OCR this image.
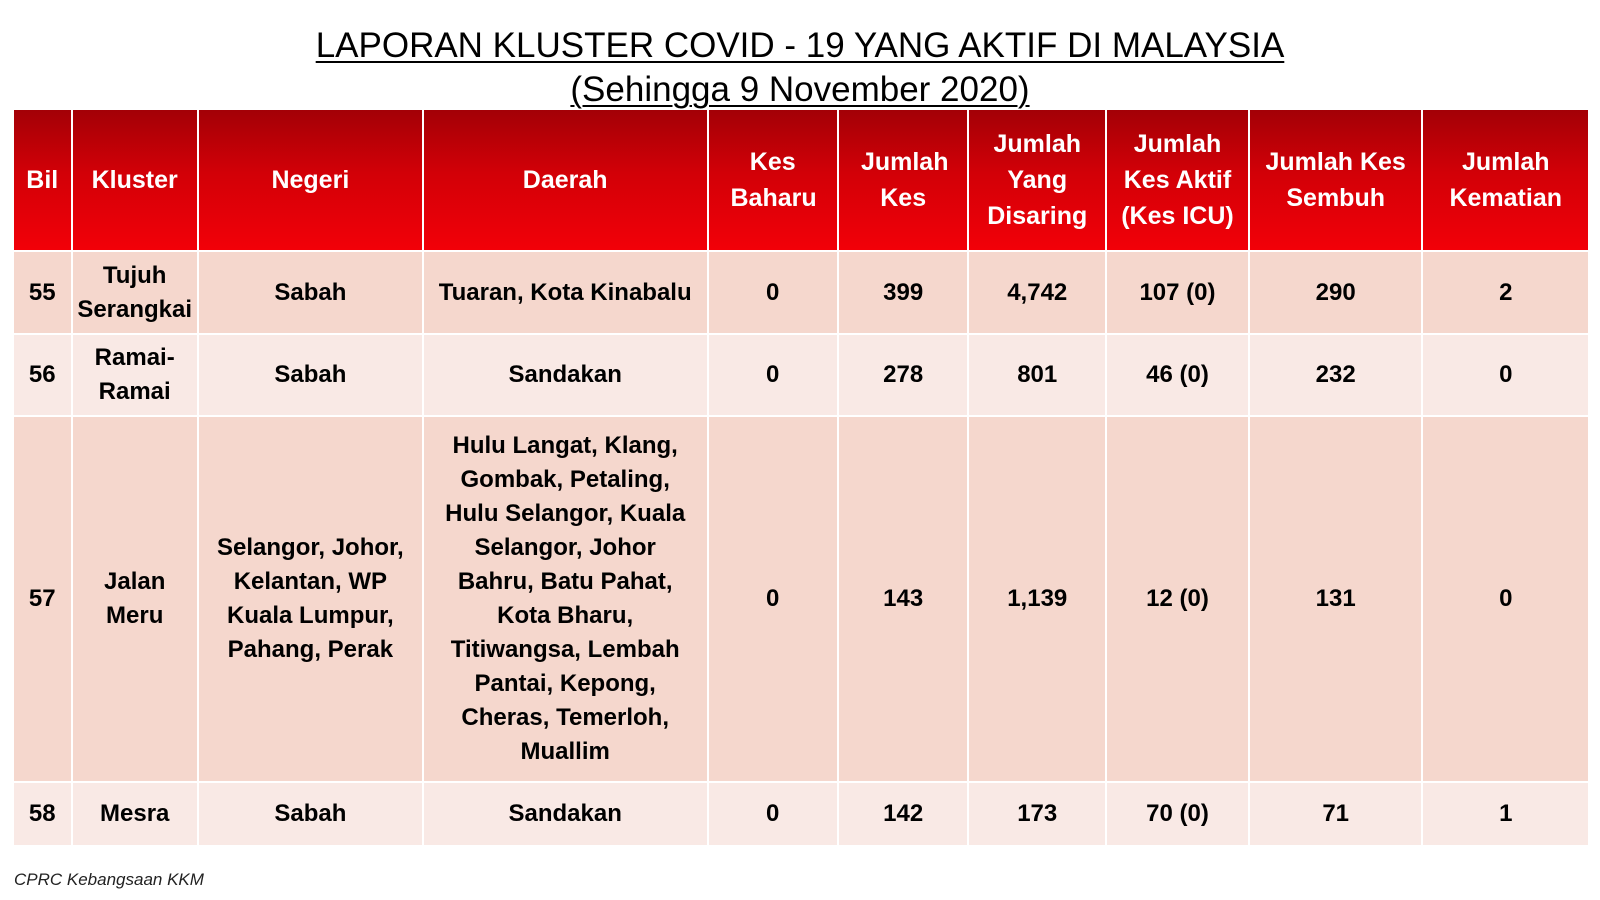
LAPORAN KLUSTER COVID - 19 YANG AKTIF DI MALAYSIA
(Sehingga 9 November 2020)
Bil	Kluster	Negeri	Daerah	Kes Baharu	Jumlah Kes	Jumlah Yang Disaring	Jumlah Kes Aktif (Kes ICU)	Jumlah Kes Sembuh	Jumlah Kematian
55	Tujuh Serangkai	Sabah	Tuaran, Kota Kinabalu	0	399	4,742	107 (0)	290	2
56	Ramai-Ramai	Sabah	Sandakan	0	278	801	46 (0)	232	0
57	Jalan Meru	Selangor, Johor, Kelantan, WP Kuala Lumpur, Pahang, Perak	Hulu Langat, Klang, Gombak, Petaling, Hulu Selangor, Kuala Selangor, Johor Bahru, Batu Pahat, Kota Bharu, Titiwangsa, Lembah Pantai, Kepong, Cheras, Temerloh, Muallim	0	143	1,139	12 (0)	131	0
58	Mesra	Sabah	Sandakan	0	142	173	70 (0)	71	1
CPRC Kebangsaan KKM
